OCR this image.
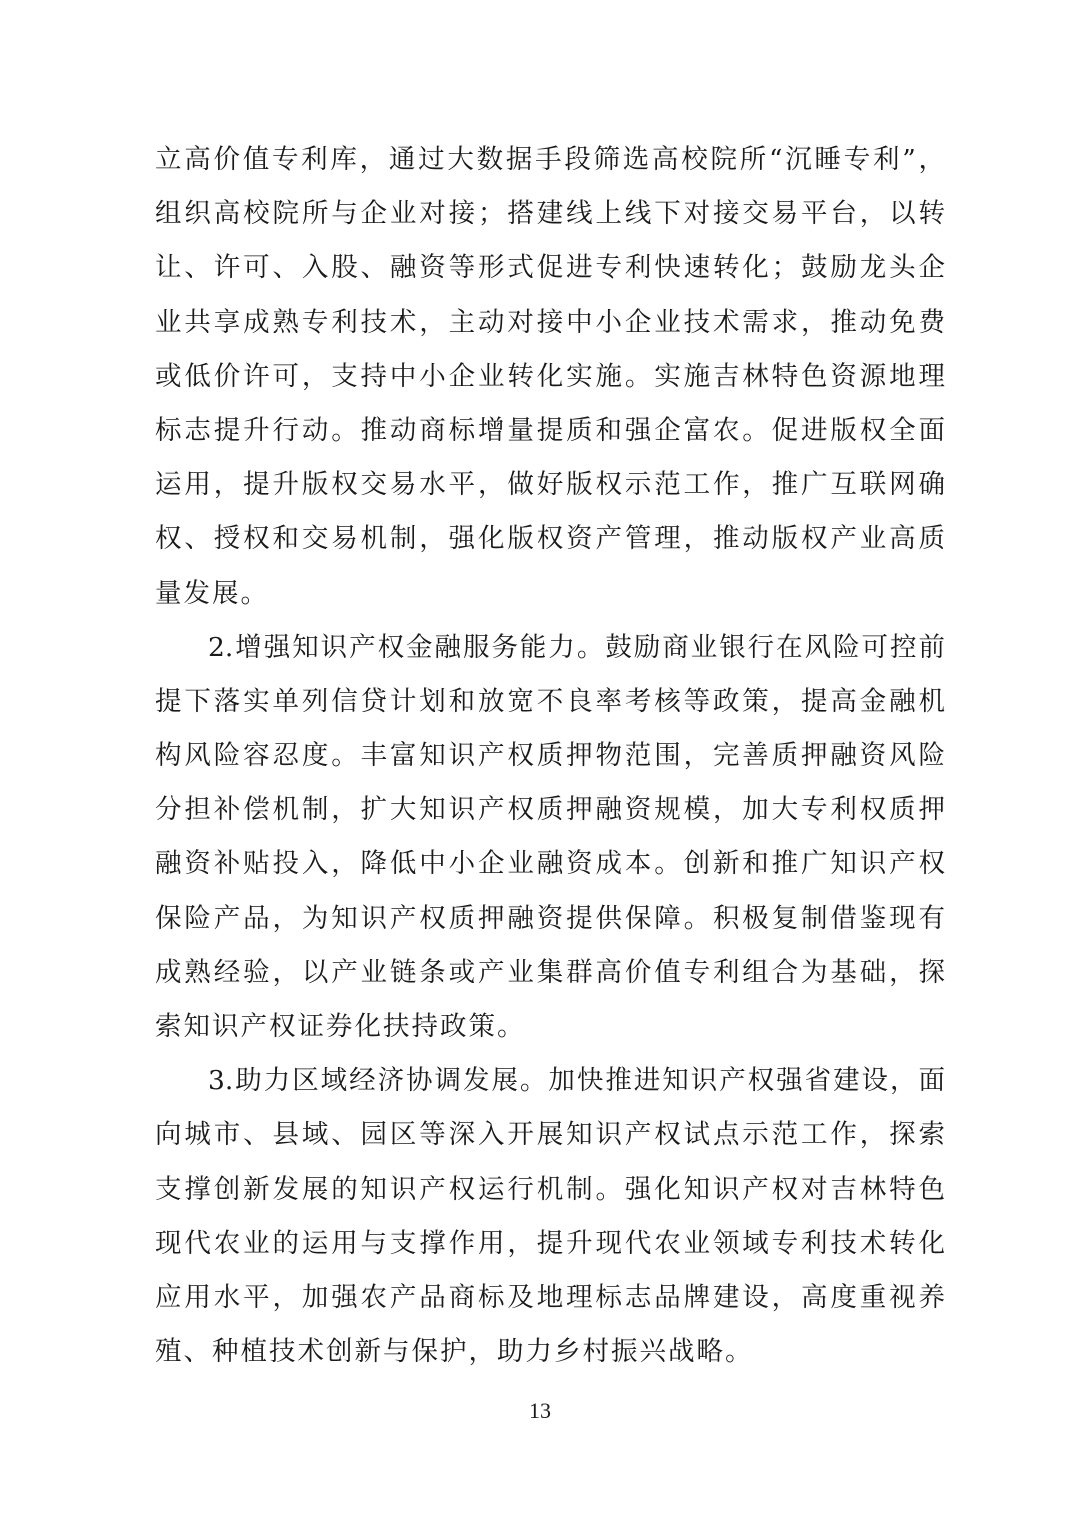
立高价值专利库，通过大数据手段筛选高校院所“沉睡专利”，
组织高校院所与企业对接；搭建线上线下对接交易平台，以转
让、许可、入股、融资等形式促进专利快速转化；鼓励龙头企
业共享成熟专利技术，主动对接中小企业技术需求，推动免费
或低价许可，支持中小企业转化实施。实施吉林特色资源地理
标志提升行动。推动商标增量提质和强企富农。促进版权全面
运用，提升版权交易水平，做好版权示范工作，推广互联网确
权、授权和交易机制，强化版权资产管理，推动版权产业高质
量发展。
2.增强知识产权金融服务能力。鼓励商业银行在风险可控前
提下落实单列信贷计划和放宽不良率考核等政策，提高金融机
构风险容忍度。丰富知识产权质押物范围，完善质押融资风险
分担补偿机制，扩大知识产权质押融资规模，加大专利权质押
融资补贴投入，降低中小企业融资成本。创新和推广知识产权
保险产品，为知识产权质押融资提供保障。积极复制借鉴现有
成熟经验，以产业链条或产业集群高价值专利组合为基础，探
索知识产权证券化扶持政策。
3.助力区域经济协调发展。加快推进知识产权强省建设，面
向城市、县域、园区等深入开展知识产权试点示范工作，探索
支撑创新发展的知识产权运行机制。强化知识产权对吉林特色
现代农业的运用与支撑作用，提升现代农业领域专利技术转化
应用水平，加强农产品商标及地理标志品牌建设，高度重视养
殖、种植技术创新与保护，助力乡村振兴战略。
13
